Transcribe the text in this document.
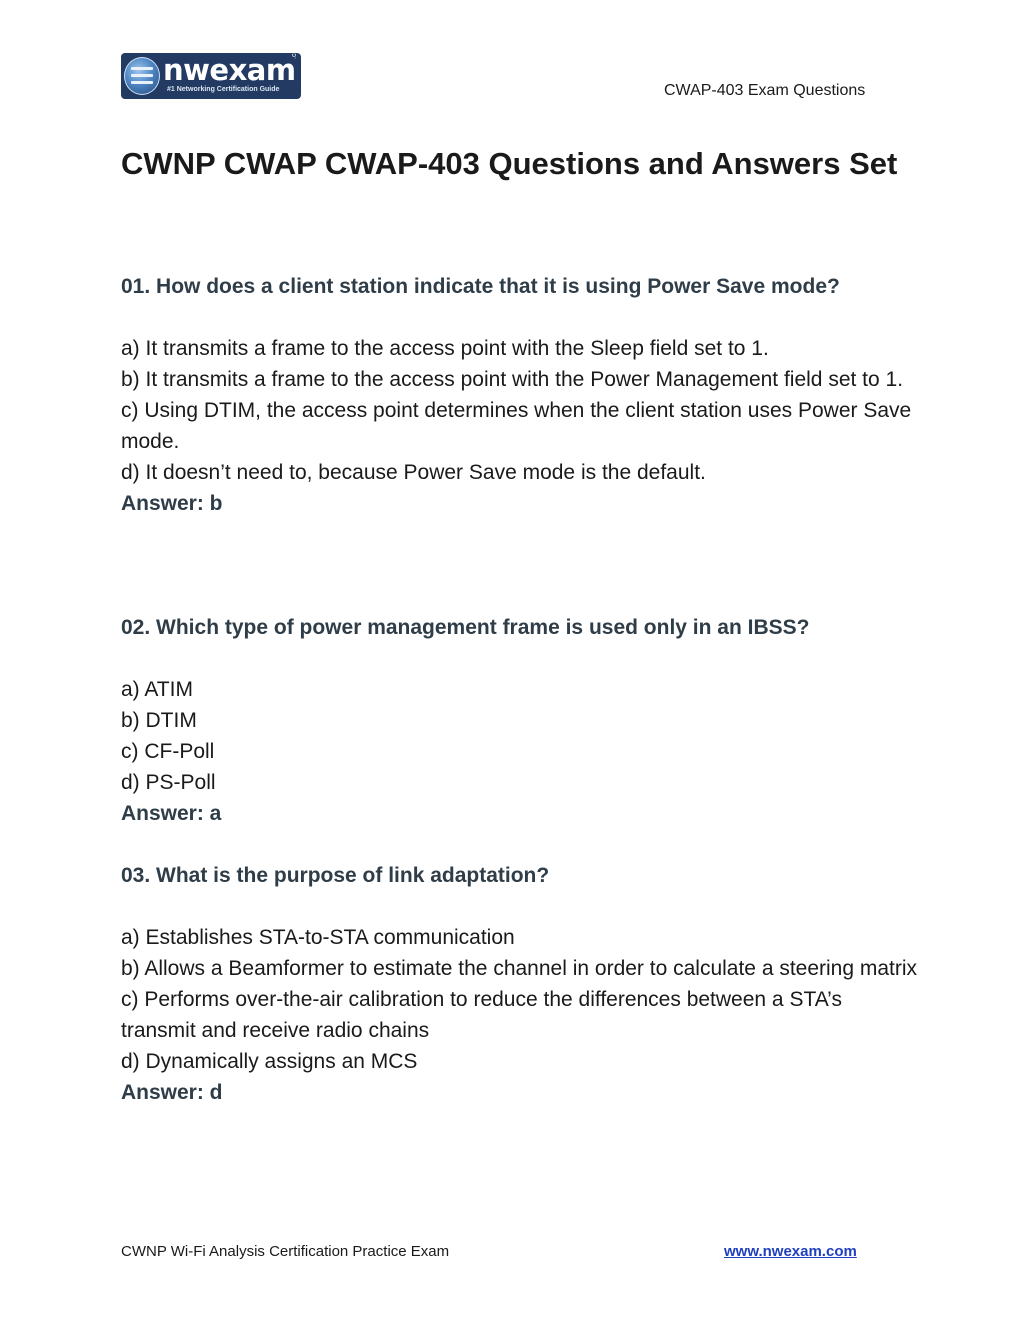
nwexam
.com
#1 Networking Certification Guide	CWAP-403 Exam Questions
CWNP CWAP CWAP-403 Questions and Answers Set

01. How does a client station indicate that it is using Power Save mode?

a) It transmits a frame to the access point with the Sleep field set to 1.

b) It transmits a frame to the access point with the Power Management field set to 1.

c) Using DTIM, the access point determines when the client station uses Power Save mode.

d) It doesn’t need to, because Power Save mode is the default.

Answer: b

02. Which type of power management frame is used only in an IBSS?

a) ATIM

b) DTIM

c) CF-Poll

d) PS-Poll

Answer: a

03. What is the purpose of link adaptation?

a) Establishes STA-to-STA communication

b) Allows a Beamformer to estimate the channel in order to calculate a steering matrix

c) Performs over-the-air calibration to reduce the differences between a STA’s transmit and receive radio chains

d) Dynamically assigns an MCS

Answer: d

CWNP Wi-Fi Analysis Certification Practice Exam	www.nwexam.com
